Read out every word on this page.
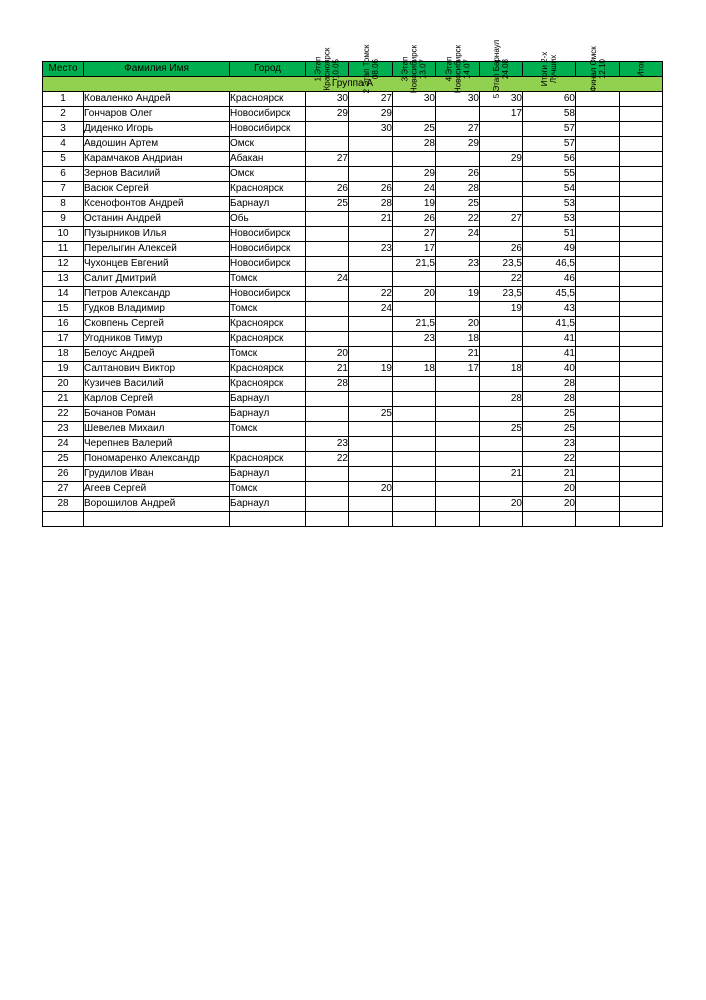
Место	Фамилия Имя	Город	1 Этап Красноярск 10.05	2 Этап Томск 08.06	3 Этап Новосибирск 13.07	4 Этап Новосибирск 14.07	5 Этап Барнаул 24.08	Итоги 2-х Лучших	Финал Омск 12.10	Итог

Группа А										
1	Коваленко Андрей	Красноярск	30	27	30	30	30	60		
2	Гончаров Олег	Новосибирск	29	29			17	58		
3	Диденко Игорь	Новосибирск		30	25	27		57		
4	Авдошин Артем	Омск			28	29		57		
5	Карамчаков Андриан	Абакан	27				29	56		
6	Зернов Василий	Омск			29	26		55		
7	Васюк Сергей	Красноярск	26	26	24	28		54		
8	Ксенофонтов Андрей	Барнаул	25	28	19	25		53		
9	Останин Андрей	Обь		21	26	22	27	53		
10	Пузырников Илья	Новосибирск			27	24		51		
11	Перелыгин Алексей	Новосибирск		23	17		26	49		
12	Чухонцев Евгений	Новосибирск			21,5	23	23,5	46,5		
13	Салит Дмитрий	Томск	24				22	46		
14	Петров Александр	Новосибирск		22	20	19	23,5	45,5		
15	Гудков Владимир	Томск		24			19	43		
16	Сковпень Сергей	Красноярск			21,5	20		41,5		
17	Угодников Тимур	Красноярск			23	18		41		
18	Белоус Андрей	Томск	20			21		41		
19	Салтанович Виктор	Красноярск	21	19	18	17	18	40		
20	Кузичев Василий	Красноярск	28					28		
21	Карлов Сергей	Барнаул					28	28		
22	Бочанов Роман	Барнаул		25				25		
23	Шевелев Михаил	Томск					25	25		
24	Черепнев Валерий		23					23		
25	Пономаренко Александр	Красноярск	22					22		
26	Грудилов Иван	Барнаул					21	21		
27	Агеев Сергей	Томск		20				20		
28	Ворошилов Андрей	Барнаул					20	20		
